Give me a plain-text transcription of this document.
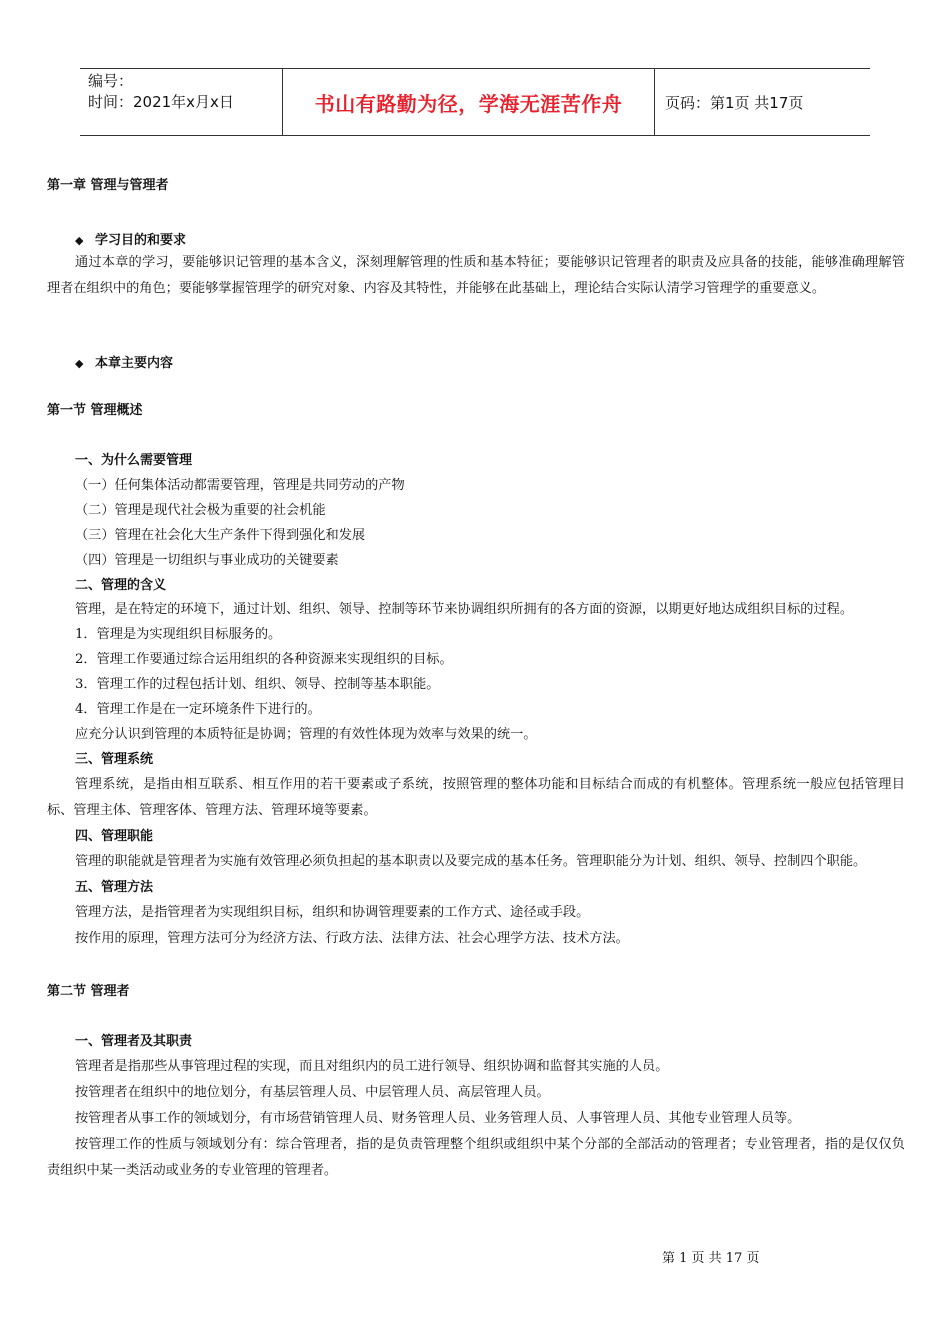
编号：
时间：2021年x月x日	书山有路勤为径，学海无涯苦作舟	页码：第1页 共17页
第一章 管理与管理者
◆ 学习目的和要求
通过本章的学习，要能够识记管理的基本含义，深刻理解管理的性质和基本特征；要能够识记管理者的职责及应具备的技能，能够准确理解管理者在组织中的角色；要能够掌握管理学的研究对象、内容及其特性，并能够在此基础上，理论结合实际认清学习管理学的重要意义。
◆ 本章主要内容
第一节 管理概述
一、为什么需要管理
（一）任何集体活动都需要管理，管理是共同劳动的产物
（二）管理是现代社会极为重要的社会机能
（三）管理在社会化大生产条件下得到强化和发展
（四）管理是一切组织与事业成功的关键要素
二、管理的含义
管理，是在特定的环境下，通过计划、组织、领导、控制等环节来协调组织所拥有的各方面的资源，以期更好地达成组织目标的过程。
1．管理是为实现组织目标服务的。
2．管理工作要通过综合运用组织的各种资源来实现组织的目标。
3．管理工作的过程包括计划、组织、领导、控制等基本职能。
4．管理工作是在一定环境条件下进行的。
应充分认识到管理的本质特征是协调；管理的有效性体现为效率与效果的统一。
三、管理系统
管理系统，是指由相互联系、相互作用的若干要素或子系统，按照管理的整体功能和目标结合而成的有机整体。管理系统一般应包括管理目标、管理主体、管理客体、管理方法、管理环境等要素。
四、管理职能
管理的职能就是管理者为实施有效管理必须负担起的基本职责以及要完成的基本任务。管理职能分为计划、组织、领导、控制四个职能。
五、管理方法
管理方法，是指管理者为实现组织目标，组织和协调管理要素的工作方式、途径或手段。
按作用的原理，管理方法可分为经济方法、行政方法、法律方法、社会心理学方法、技术方法。
第二节 管理者
一、管理者及其职责
管理者是指那些从事管理过程的实现，而且对组织内的员工进行领导、组织协调和监督其实施的人员。
按管理者在组织中的地位划分，有基层管理人员、中层管理人员、高层管理人员。
按管理者从事工作的领域划分，有市场营销管理人员、财务管理人员、业务管理人员、人事管理人员、其他专业管理人员等。
按管理工作的性质与领域划分有：综合管理者，指的是负责管理整个组织或组织中某个分部的全部活动的管理者；专业管理者，指的是仅仅负责组织中某一类活动或业务的专业管理的管理者。
第 1 页 共 17 页
